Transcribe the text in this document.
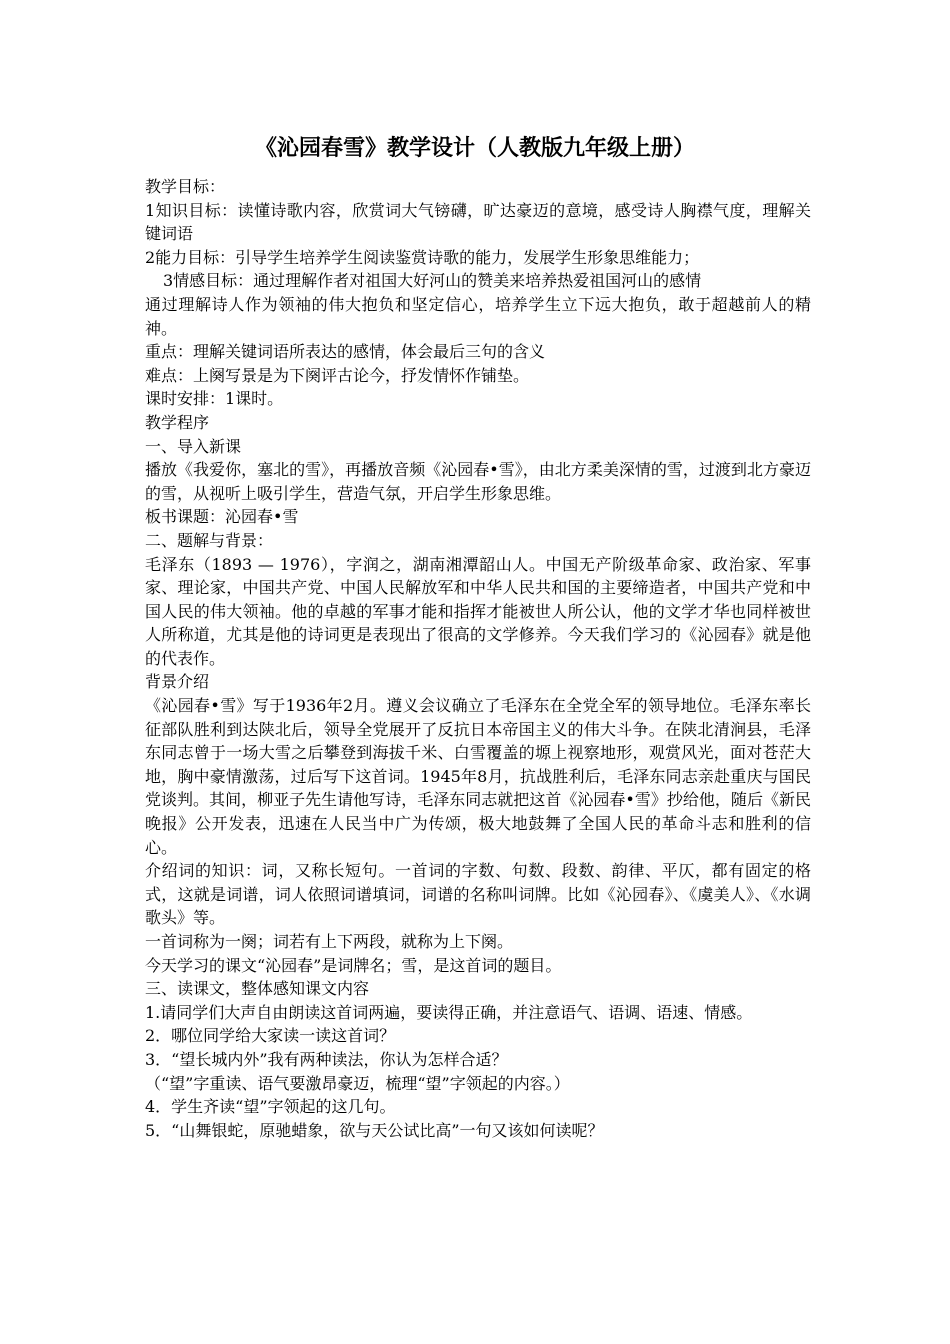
《沁园春雪》教学设计（人教版九年级上册）

教学目标：

1知识目标：读懂诗歌内容，欣赏词大气镑礴，旷达豪迈的意境，感受诗人胸襟气度，理解关键词语

2能力目标：引导学生培养学生阅读鉴赏诗歌的能力，发展学生形象思维能力；

3情感目标：通过理解作者对祖国大好河山的赞美来培养热爱祖国河山的感情

通过理解诗人作为领袖的伟大抱负和坚定信心，培养学生立下远大抱负，敢于超越前人的精神。

重点：理解关键词语所表达的感情，体会最后三句的含义

难点：上阕写景是为下阕评古论今，抒发情怀作铺垫。

课时安排：1课时。

教学程序

一、导入新课

播放《我爱你，塞北的雪》，再播放音频《沁园春•雪》，由北方柔美深情的雪，过渡到北方豪迈的雪，从视听上吸引学生，营造气氛，开启学生形象思维。

板书课题：沁园春•雪

二、题解与背景：

毛泽东（1893 — 1976），字润之，湖南湘潭韶山人。中国无产阶级革命家、政治家、军事家、理论家，中国共产党、中国人民解放军和中华人民共和国的主要缔造者，中国共产党和中国人民的伟大领袖。他的卓越的军事才能和指挥才能被世人所公认，他的文学才华也同样被世人所称道，尤其是他的诗词更是表现出了很高的文学修养。今天我们学习的《沁园春》就是他的代表作。

背景介绍

《沁园春•雪》写于1936年2月。遵义会议确立了毛泽东在全党全军的领导地位。毛泽东率长征部队胜利到达陕北后，领导全党展开了反抗日本帝国主义的伟大斗争。在陕北清涧县，毛泽东同志曾于一场大雪之后攀登到海拔千米、白雪覆盖的塬上视察地形，观赏风光，面对苍茫大地，胸中豪情激荡，过后写下这首词。1945年8月，抗战胜利后，毛泽东同志亲赴重庆与国民党谈判。其间，柳亚子先生请他写诗，毛泽东同志就把这首《沁园春•雪》抄给他，随后《新民晚报》公开发表，迅速在人民当中广为传颂，极大地鼓舞了全国人民的革命斗志和胜利的信心。

介绍词的知识：词，又称长短句。一首词的字数、句数、段数、韵律、平仄，都有固定的格式，这就是词谱，词人依照词谱填词，词谱的名称叫词牌。比如《沁园春》、《虞美人》、《水调歌头》等。

一首词称为一阕；词若有上下两段，就称为上下阕。

今天学习的课文“沁园春”是词牌名；雪，是这首词的题目。

三、读课文，整体感知课文内容

1.请同学们大声自由朗读这首词两遍，要读得正确，并注意语气、语调、语速、情感。

2．哪位同学给大家读一读这首词？

3．“望长城内外”我有两种读法，你认为怎样合适？

（“望”字重读、语气要激昂豪迈，梳理“望”字领起的内容。）

4．学生齐读“望”字领起的这几句。

5．“山舞银蛇，原驰蜡象，欲与天公试比高”一句又该如何读呢？
